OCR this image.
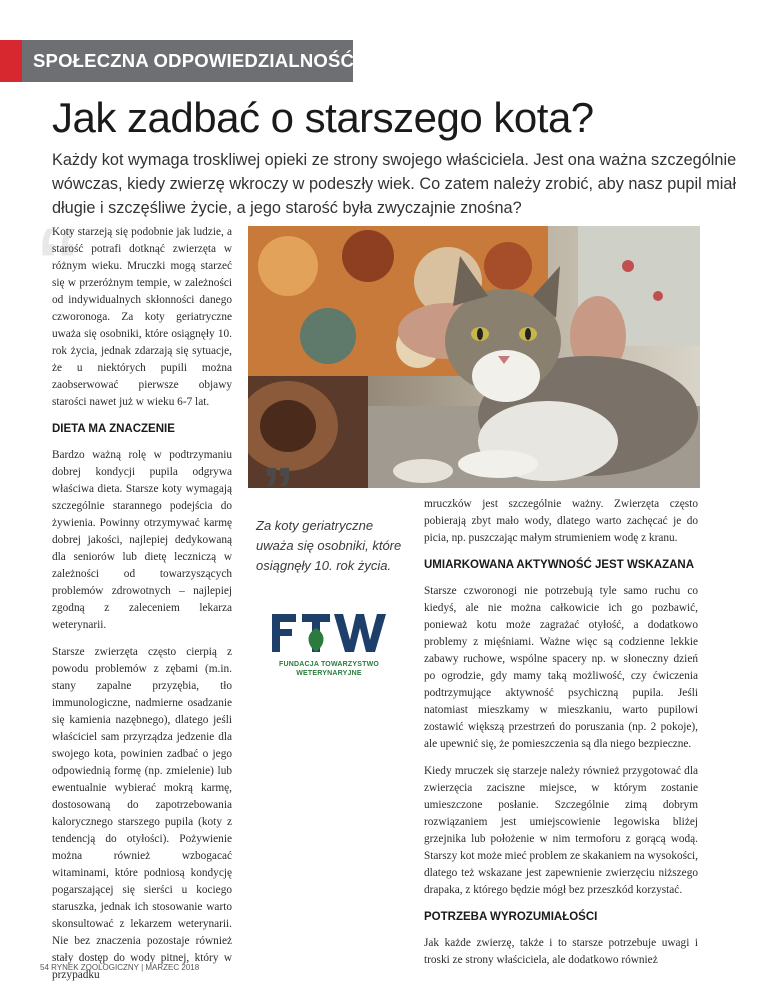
SPOŁECZNA ODPOWIEDZIALNOŚĆ
Jak zadbać o starszego kota?

Każdy kot wymaga troskliwej opieki ze strony swojego właściciela. Jest ona ważna szczególnie wówczas, kiedy zwierzę wkroczy w podeszły wiek. Co zatem należy zrobić, aby nasz pupil miał długie i szczęśliwe życie, a jego starość była zwyczajnie znośna?

“

Koty starzeją się podobnie jak ludzie, a starość potrafi dotknąć zwierzęta w różnym wieku. Mruczki mogą starzeć się w przeróżnym tempie, w zależności od indywidualnych skłonności danego czworonoga. Za koty geriatryczne uważa się osobniki, które osiągnęły 10. rok życia, jednak zdarzają się sytuacje, że u niektórych pupili można zaobserwować pierwsze objawy starości nawet już w wieku 6-7 lat.

DIETA MA ZNACZENIE

Bardzo ważną rolę w podtrzymaniu dobrej kondycji pupila odgrywa właściwa dieta. Starsze koty wymagają szczególnie starannego podejścia do żywienia. Powinny otrzymywać karmę dobrej jakości, najlepiej dedykowaną dla seniorów lub dietę leczniczą w zależności od towarzyszących problemów zdrowotnych – najlepiej zgodną z zaleceniem lekarza weterynarii.

Starsze zwierzęta często cierpią z powodu problemów z zębami (m.in. stany zapalne przyzębia, tło immunologiczne, nadmierne osadzanie się kamienia nazębnego), dlatego jeśli właściciel sam przyrządza jedzenie dla swojego kota, powinien zadbać o jego odpowiednią formę (np. zmielenie) lub ewentualnie wybierać mokrą karmę, dostosowaną do zapotrzebowania kalorycznego starszego pupila (koty z tendencją do otyłości). Pożywienie można również wzbogacać witaminami, które podniosą kondycję pogarszającej się sierści u kociego staruszka, jednak ich stosowanie warto skonsultować z lekarzem weterynarii. Nie bez znaczenia pozostaje również stały dostęp do wody pitnej, który w przypadku

”

Za koty geriatryczne uważa się osobniki, które osiągnęły 10. rok życia.

FUNDACJA TOWARZYSTWO
WETERYNARYJNE

mruczków jest szczególnie ważny. Zwierzęta często pobierają zbyt mało wody, dlatego warto zachęcać je do picia, np. puszczając małym strumieniem wodę z kranu.

UMIARKOWANA AKTYWNOŚĆ JEST WSKAZANA

Starsze czworonogi nie potrzebują tyle samo ruchu co kiedyś, ale nie można całkowicie ich go pozbawić, ponieważ kotu może zagrażać otyłość, a dodatkowo problemy z mięśniami. Ważne więc są codzienne lekkie zabawy ruchowe, wspólne spacery np. w słoneczny dzień po ogrodzie, gdy mamy taką możliwość, czy ćwiczenia podtrzymujące aktywność psychiczną pupila. Jeśli natomiast mieszkamy w mieszkaniu, warto pupilowi zostawić większą przestrzeń do poruszania (np. 2 pokoje), ale upewnić się, że pomieszczenia są dla niego bezpieczne.

Kiedy mruczek się starzeje należy również przygotować dla zwierzęcia zaciszne miejsce, w którym zostanie umieszczone posłanie. Szczególnie zimą dobrym rozwiązaniem jest umiejscowienie legowiska bliżej grzejnika lub położenie w nim termoforu z gorącą wodą. Starszy kot może mieć problem ze skakaniem na wysokości, dlatego też wskazane jest zapewnienie zwierzęciu niższego drapaka, z którego będzie mógł bez przeszkód korzystać.

POTRZEBA WYROZUMIAŁOŚCI

Jak każde zwierzę, także i to starsze potrzebuje uwagi i troski ze strony właściciela, ale dodatkowo również

54 RYNEK ZOOLOGICZNY | MARZEC 2018
